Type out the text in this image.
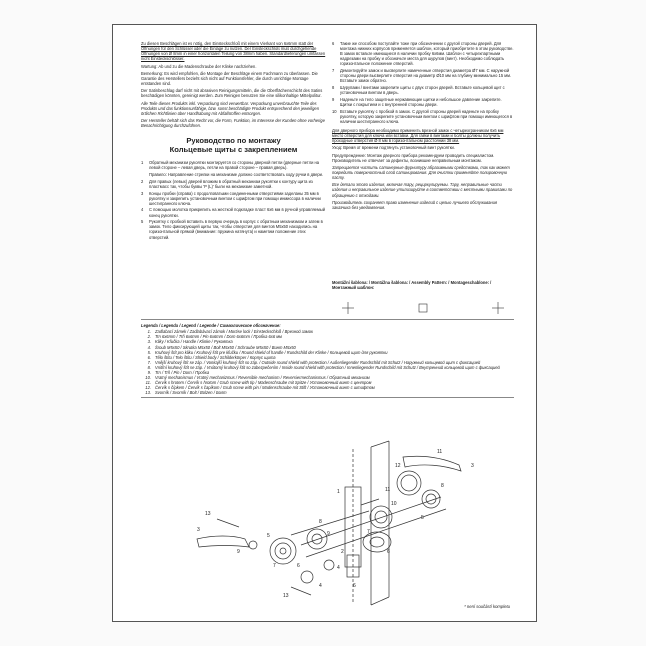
Zu diesen Beschlägen ist es nötig, den Einsteckschloß mit einem Vierkant von 6x6mm statt der Öffnungen für den Schlüssel oder die Einlage zu nutzen. Der Einsteckschloß muß durchgehende Öffnungen von Ø 8mm in einer horizontalen Teilung von 38mm haben. Standardlieferungen umfassen nicht Einsteckschlösser.

Wartung: Ab und zu die Madenschraube der Klinke nachziehen.

Bemerkung: Es wird empfohlen, die Montage der Beschläge einem Fachmann zu überlassen. Die Garantie des Herstellers bezieht sich nicht auf Funktionsfehler, die durch unrichtige Montage entstanden sind.

Der Satinbeschlag darf nicht mit abrasiven Reinigungsmitteln, die die Oberflächenschicht des Satins beschädigen könnten, gereinigt werden. Zum Reinigen benutzen Sie eine silikonhaltige Mittelpolitur.

Alle Teile dieses Produkts inkl. Verpackung sind verwertbar. Verpackung unverbrauchte Teile des Produkts und das funktionsunfähige, bzw. sonst beschädigte Produkt entsprechend den jeweiligen örtlichen Richtlinien über Handhabung mit Abfallstoffen entsorgen.

Der Hersteller behält sich das Recht vor, die Form, Funktion, im Interesse der Kunden ohne vorherige Benachrichtigung durchzuführen.

Руководство по монтажу
Кольцевые щиты с закреплением
1	Обратный механизм рукоятки монтируется со стороны дверной петли (дверные петли на левой стороне – левая дверь, петли на правой стороне – правая дверь).
Правило: Направление стрелки на механизме должно соответствовать ходу ручки в двери.
2	Для правых (левых) дверей вложим в обратный механизм рукоятки к контуру щита из пластмасс так, чтобы буквы 'P (L)' были на механизме заметной.
3	Концы пробки (справа) с продолговатыми соединенными отверстиями заделаны 35 мм в рукоятку и закрепить установочным винтом с шрифтом при помощи инмиссора в наличии шестигранного ключа.
4	С помощью молотка прикрепить на жесткой подкладке пласт 6x6 мм в ручной управляемый конец рукоятки.
5	Рукоятку с пробкой вставить в первую очередь в корпус с обратным механизмом и затем в замок. Тело фиксирующей щиты так, чтобы отверстия для винтов М5х50 находились на горизонтальной прямой (внимание: пружина натянута) и наметим положение этих отверстий.
6	Такие же способом поступайте тоже при обозначении с другой стороны дверей. Для монтажа нижних корпусов применяется шаблон, который приобретите в этом руководстве. В замок вставьте имеющиеся в наличии пробку 6х6мм. Шаблон с четырехпартными надрезами на пробку и обозначьте места для шурупов (винт). Необходимо соблюдать горизонтальное положение отверстий.
7	Демонтируйте замок и высверлите намеченные отверстия диаметра Ø7 мм. С наружной стороны двери высверлите отверстия на диаметр Ø10 мм на глубину минимально 15 мм. Вставьте замок обратно.
8	Шурупами / винтами закрепите щиты с двух сторон дверей. Вставьте кольцевой щит с установочным винтом в дверь.
9	Наденьте на тело защитные нержавеющие щитки и небольшое давление закрепите. Щитки с покрытием и с внутренней стороны двери.
10 Вставьте рукоятку с пробкой в замок. С другой стороны дверей наденьте на пробку рукоятку, которую закрепите установочным винтом с шрифтом при помощи имеющегося в наличии шестигранного ключа.

Для дверного прибора необходимо применить врезной замок с четырехгранником 6х6 мм место отверстия для ключа или вставки. Для гайки в винтами и болты должны получить проходные отверстия Ø 8 мм в горизонтальном расстоянии 38 мм.

Уход: Время от времени подтянуть установочный винт рукоятки.

Предупреждение: Монтаж дверного прибора рекомендуем проводить специалистом. Производитель не отвечает за дефекты, возникшие неправильным монтажом.

Запрещается чистить сатинерные фурнитуру абразивными средствами, так как может повредить поверхностный слой сатинирования. Для очистки применяйте полировочную пасту.

Все детали этого изделия, включая тару, рециркулируемы. Тару, неправильные части изделия и неправильное изделие утилизируйте в соответствии с местными правилами по обращению с отходами.

Производитель сохраняет право изменения изделий с целью лучшего обслуживания заказчика без уведомления.

Montážní šablona: / Montážna šablona: / Assembly Pattern: / Montageschablone: / Монтажный шаблон:
Legenda / Legenda / Legend / Legende / Символическое обозначение:
1. Zadlabací zámek / Zadlabávací zámok / Mortise lock / Einsteckschloß / Врезной замок
2. Trn 6x6mm / Trň 6x6mm / Pin 6x6mm / Dorn 6x6mm / Пробка 6x6 мм
3. Kliky / Kľučka / Handle / Klinke / Рукоятка
4. Šroub M5x50 / Skrutka M5x50 / Bolt M5x50 / Schraube M5x50 / Винт M5x50
5. Kruhový štít pro kliku / Kruhový štít pre kľučku / Round shield of handle / Rundschild der Klinke / Кольцевой щит для рукоятки
6. Tělo štítu / Telo štítu / Shield body / Schilderkörper / Корпус щита
7. Vnější kruhový štít se záp. / Vonkajší kruhový štít so záp. / Outside round shield with protection / Außenliegender Rundschild mit Schutz / Наружный кольцевой щит с фиксацией
8. Vnitřní kruhový štít se záp. / Vnútorný kruhový štít so zabezpečením / Inside round shield with protection / Innenliegender Rundschild mit Schutz / Внутренний кольцевой щит с фиксацией
9. Trn / Trň / Pin / Dorn / Пробка
10. Vratný mechanismus / Vratný mechanizmus / Reversible mechanism / Reversiermechanismus / Обратный механизм
11. Červík s hrotem / Červík s hrotom / Grub screw with tip / Madenschraube mit Spitze / Установочный винт с центром
12. Červík s čípkem / Červík s čapíkom / Grub screw with pin / Madenschraube mit Stift / Установочный винт с штифтом
13. Svorník / Svorník / Bolt / Bolzen / Болт
11
12
8
3
11
1
10
3
13
8
7
6
2
9
4
13
4	6
7	6
5
5
9
* není součástí kompletu
